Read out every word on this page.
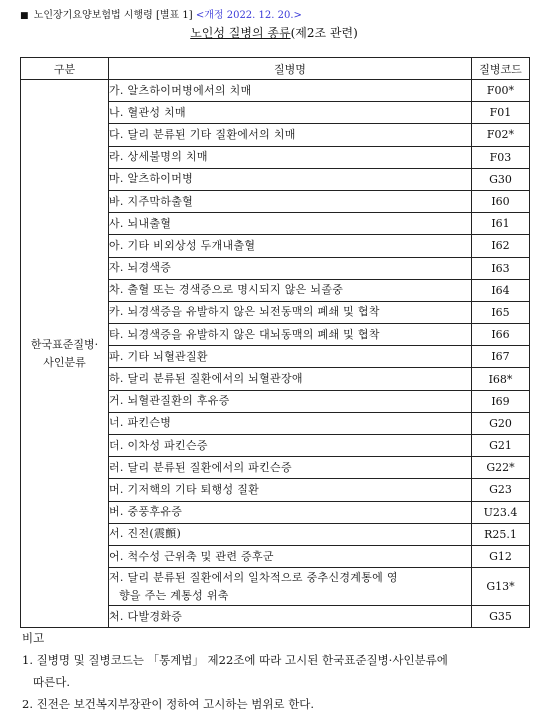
■ 노인장기요양보험법 시행령 [별표 1] <개정 2022. 12. 20.>
노인성 질병의 종류(제2조 관련)
구분	질병명	질병코드

한국표준질병·
사인분류	가. 알츠하이머병에서의 치매	F00*
	나. 혈관성 치매	F01
	다. 달리 분류된 기타 질환에서의 치매	F02*
	라. 상세불명의 치매	F03
	마. 알츠하이머병	G30
	바. 지주막하출혈	I60
	사. 뇌내출혈	I61
	아. 기타 비외상성 두개내출혈	I62
	자. 뇌경색증	I63
	차. 출혈 또는 경색증으로 명시되지 않은 뇌졸중	I64
	카. 뇌경색증을 유발하지 않은 뇌전동맥의 폐쇄 및 협착	I65
	타. 뇌경색증을 유발하지 않은 대뇌동맥의 폐쇄 및 협착	I66
	파. 기타 뇌혈관질환	I67
	하. 달리 분류된 질환에서의 뇌혈관장애	I68*
	거. 뇌혈관질환의 후유증	I69
	너. 파킨슨병	G20
	더. 이차성 파킨슨증	G21
	러. 달리 분류된 질환에서의 파킨슨증	G22*
	머. 기저핵의 기타 퇴행성 질환	G23
	버. 중풍후유증	U23.4
	서. 진전(震顫)	R25.1
	어. 척수성 근위축 및 관련 증후군	G12

	저. 달리 분류된 질환에서의 일차적으로 중추신경계통에 영
향을 주는 계통성 위축	G13*
	처. 다발경화증	G35
비고
1. 질병명 및 질병코드는 「통계법」 제22조에 따라 고시된 한국표준질병·사인분류에
따른다.
2. 진전은 보건복지부장관이 정하여 고시하는 범위로 한다.
